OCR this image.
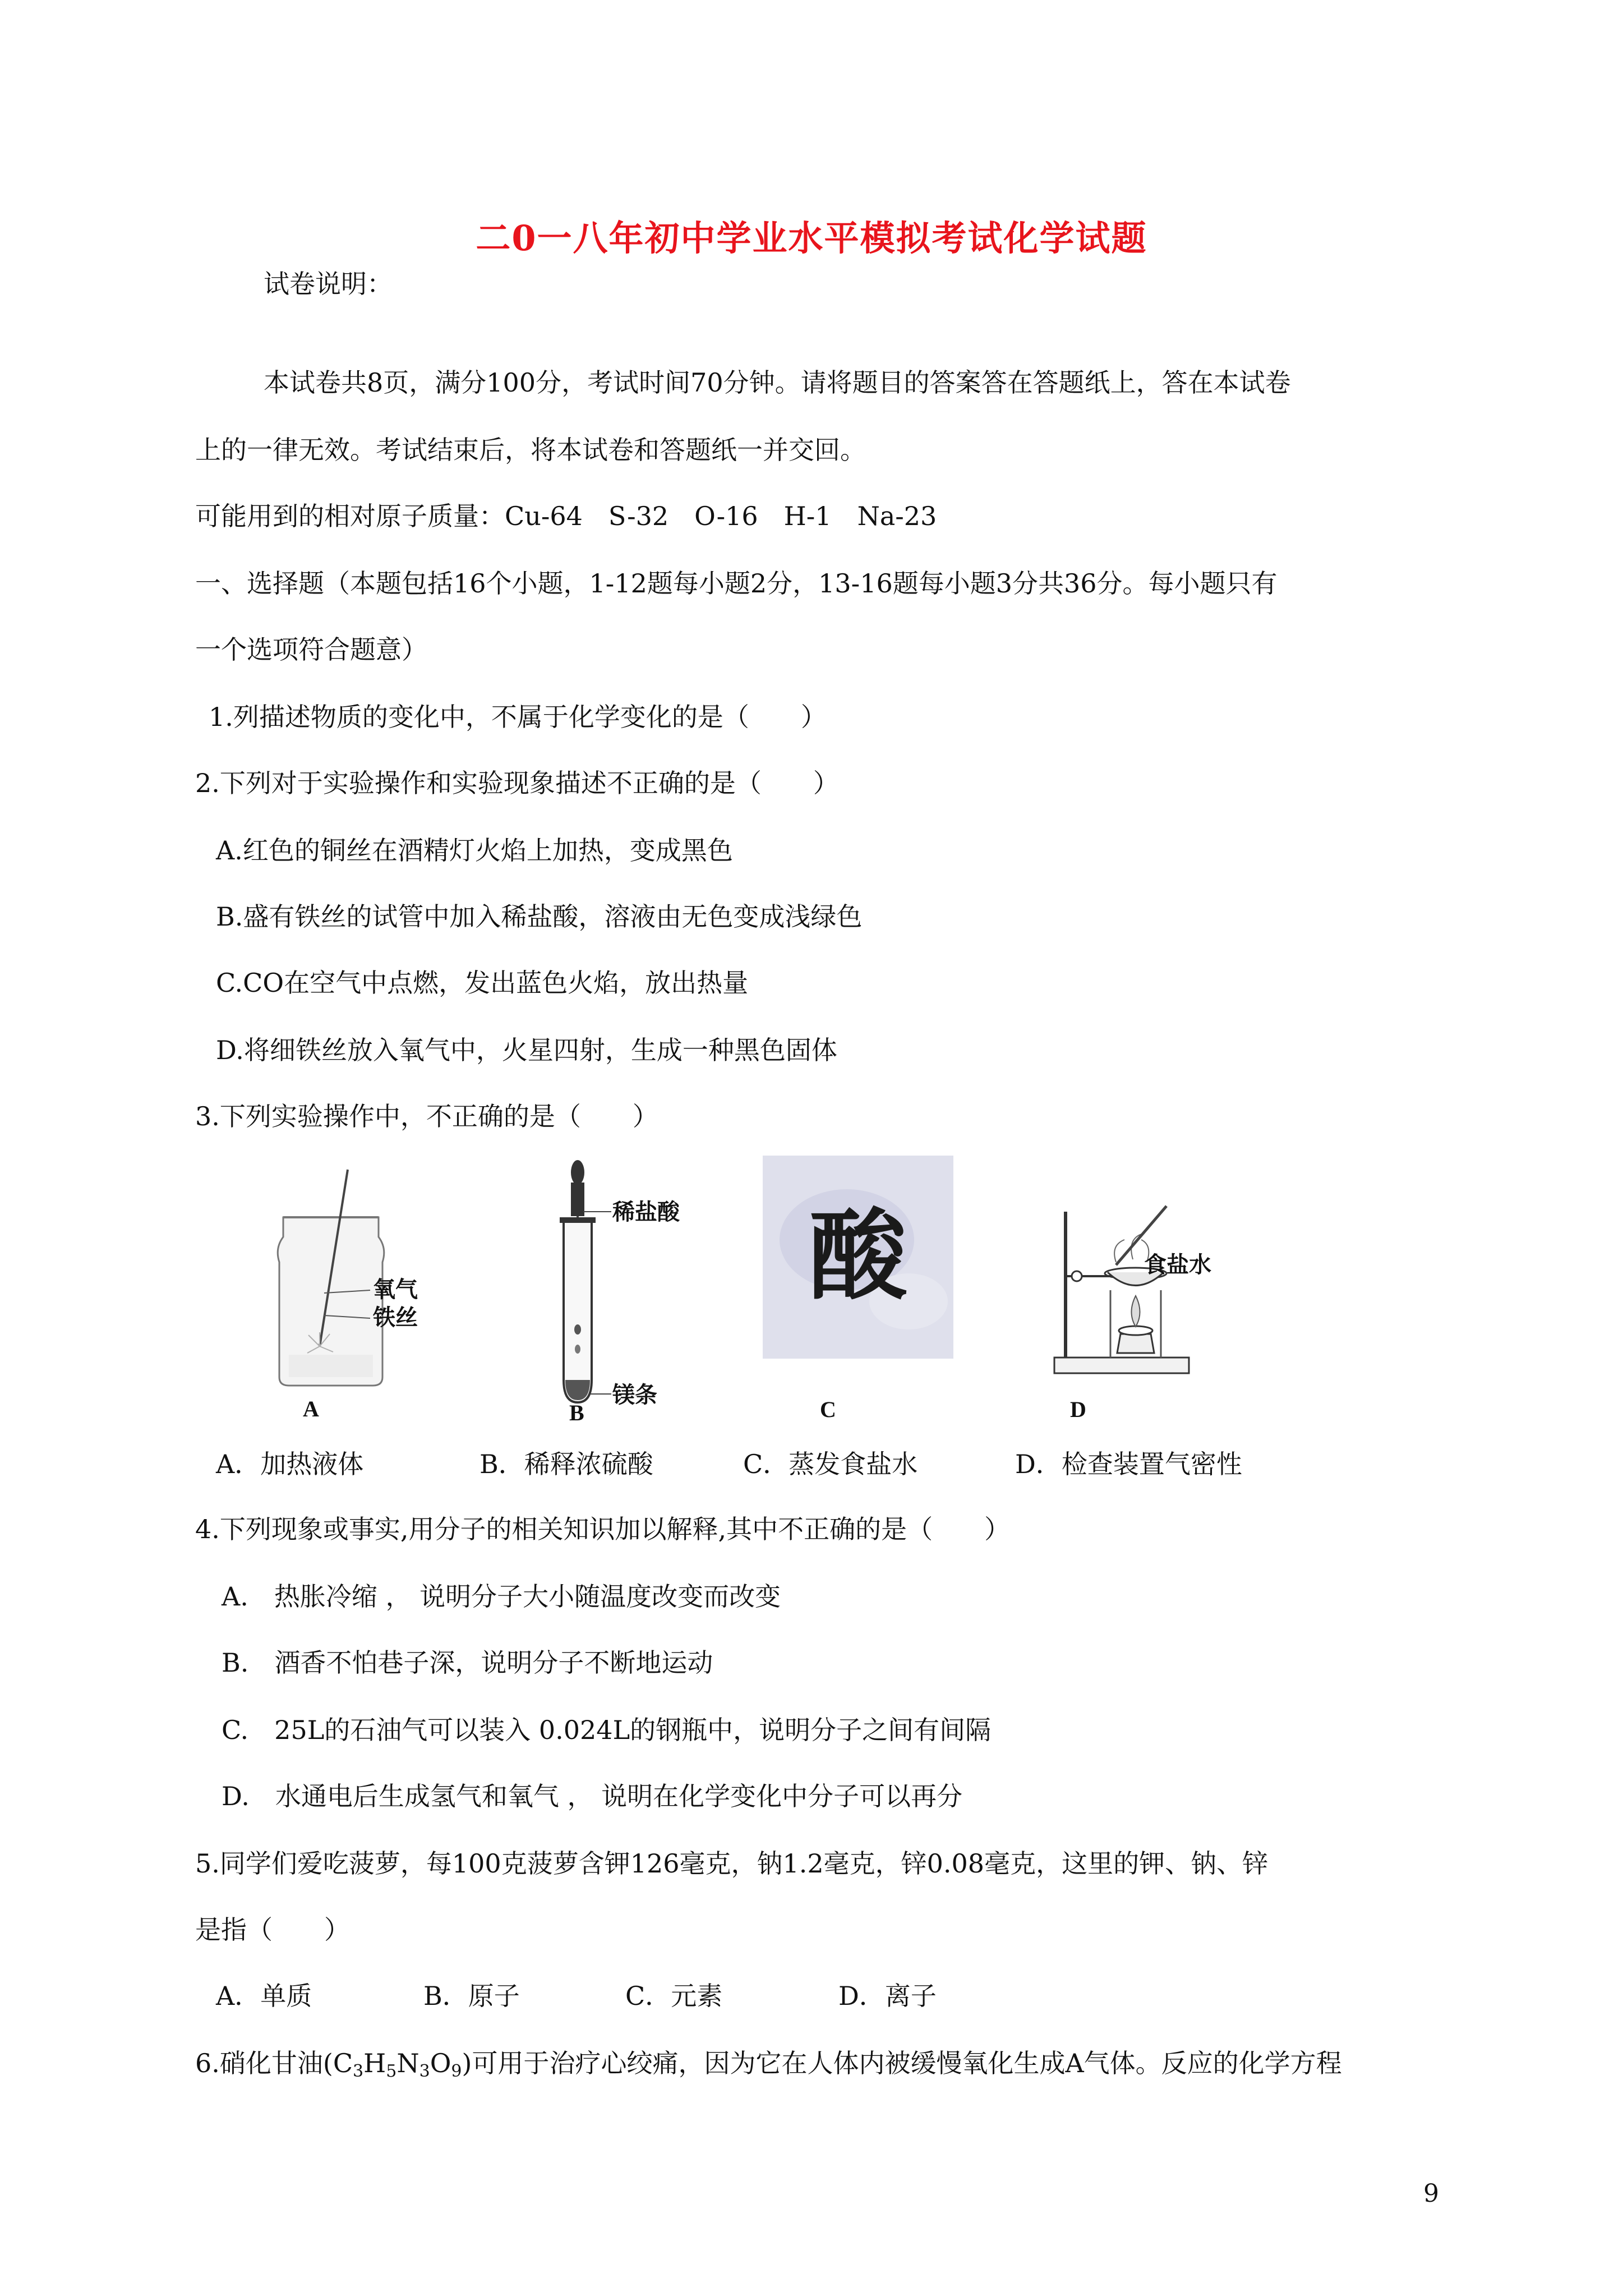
二0一八年初中学业水平模拟考试化学试题
试卷说明：
本试卷共8页，满分100分，考试时间70分钟。请将题目的答案答在答题纸上，答在本试卷
上的一律无效。考试结束后，将本试卷和答题纸一并交回。
可能用到的相对原子质量：Cu-64　S-32　O-16　H-1　Na-23
一、选择题（本题包括16个小题，1-12题每小题2分，13-16题每小题3分共36分。每小题只有
一个选项符合题意）
1.列描述物质的变化中，不属于化学变化的是（　　）
2.下列对于实验操作和实验现象描述不正确的是（　　）
A.红色的铜丝在酒精灯火焰上加热，变成黑色
B.盛有铁丝的试管中加入稀盐酸，溶液由无色变成浅绿色
C.CO在空气中点燃，发出蓝色火焰，放出热量
D.将细铁丝放入氧气中，火星四射，生成一种黑色固体
3.下列实验操作中，不正确的是（　　）
氧气
铁丝
A
稀盐酸
镁条
B
酸
C
食盐水
D
A．加热液体	B．稀释浓硫酸	C．蒸发食盐水	D．检查装置气密性
4.下列现象或事实,用分子的相关知识加以解释,其中不正确的是（　　）
A.　热胀冷缩 ， 说明分子大小随温度改变而改变
B.　酒香不怕巷子深，说明分子不断地运动
C.　25L的石油气可以装入 0.024L的钢瓶中，说明分子之间有间隔
D.　水通电后生成氢气和氧气 ， 说明在化学变化中分子可以再分
5.同学们爱吃菠萝，每100克菠萝含钾126毫克，钠1.2毫克，锌0.08毫克，这里的钾、钠、锌
是指（　　）
A．单质	B．原子	C．元素	D．离子
6.硝化甘油$(C_3H_5N_3O_9)$可用于治疗心绞痛，因为它在人体内被缓慢氧化生成A气体。反应的化学方程
9
